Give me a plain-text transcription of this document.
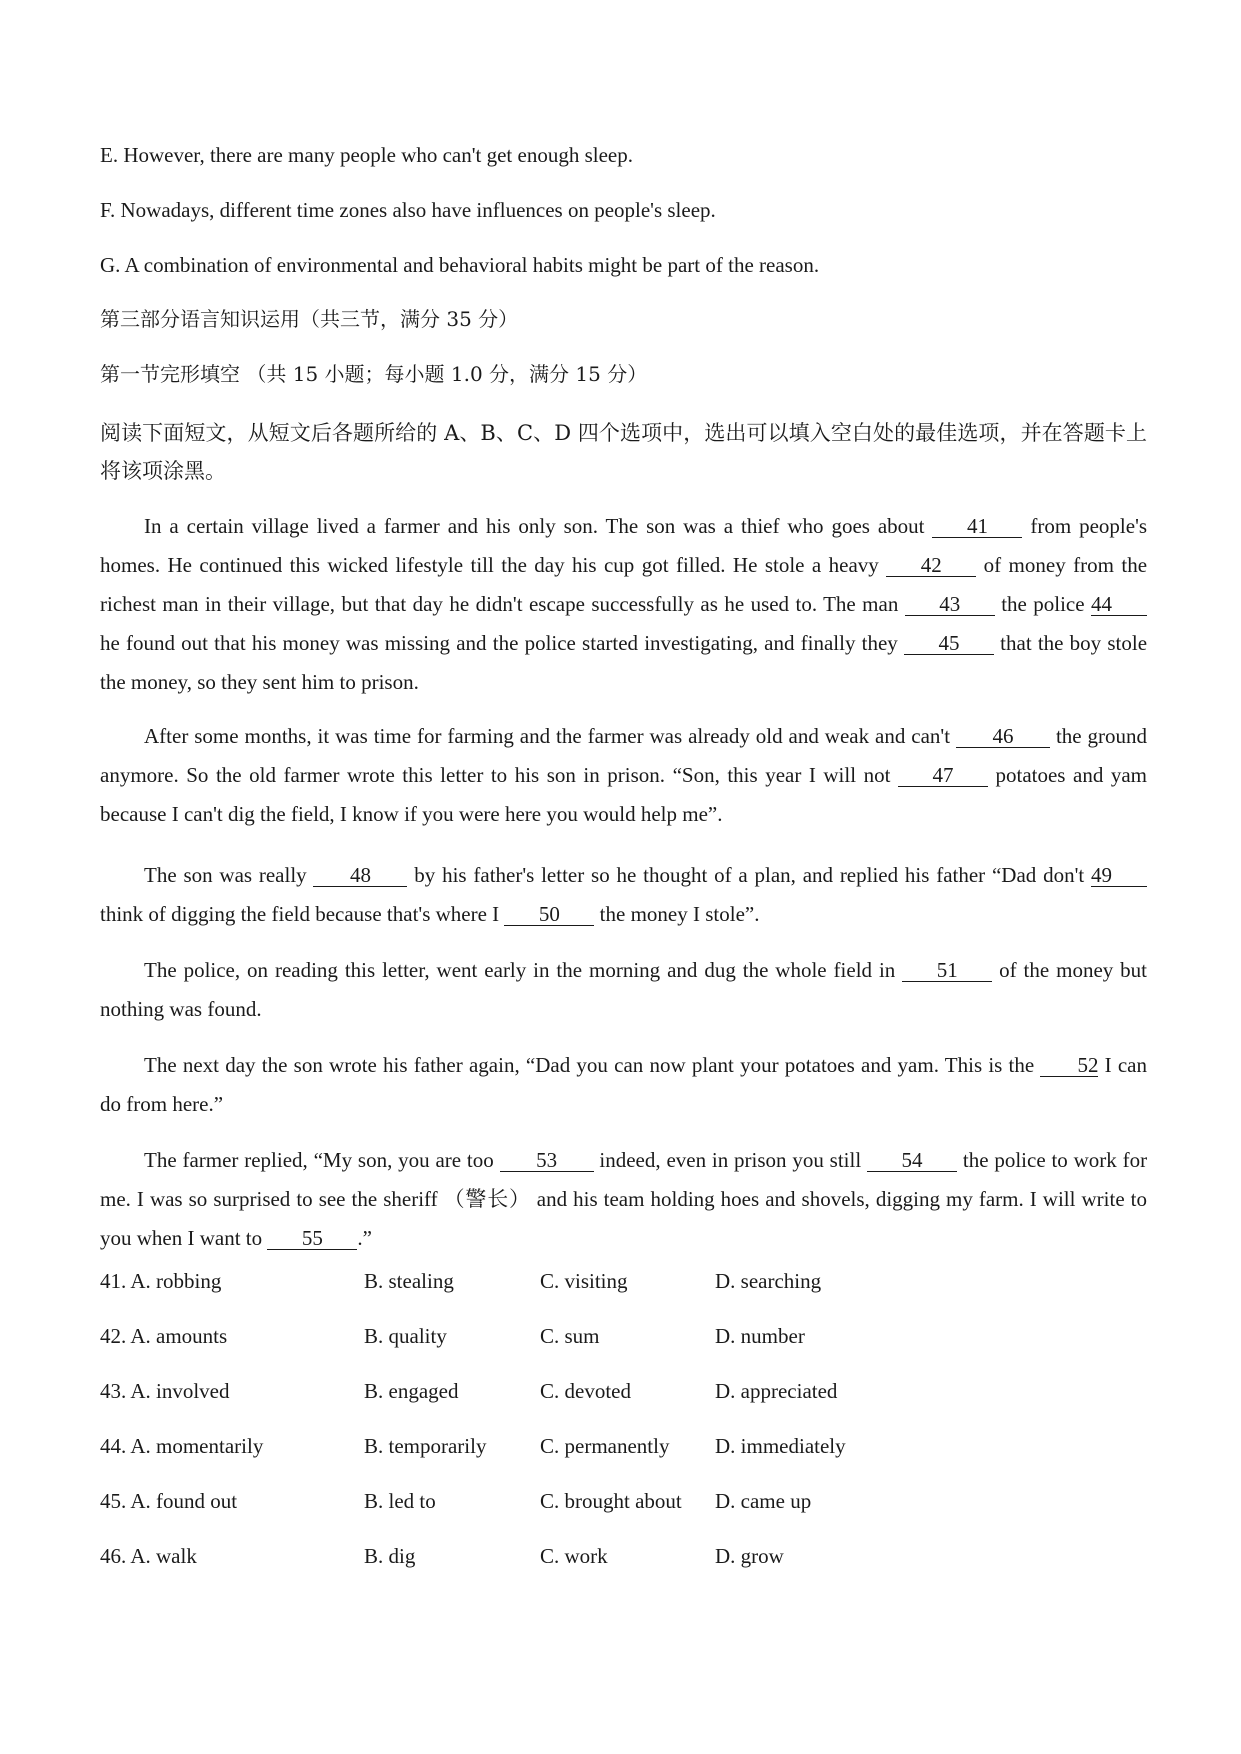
E. However, there are many people who can't get enough sleep.
F. Nowadays, different time zones also have influences on people's sleep.
G. A combination of environmental and behavioral habits might be part of the reason.
第三部分语言知识运用（共三节，满分 35 分）
第一节完形填空 （共 15 小题；每小题 1.0 分，满分 15 分）
阅读下面短文，从短文后各题所给的 A、B、C、D 四个选项中，选出可以填入空白处的最佳选项，并在答题卡上将该项涂黑。
In a certain village lived a farmer and his only son. The son was a thief who goes about 41 from people's homes. He continued this wicked lifestyle till the day his cup got filled. He stole a heavy 42 of money from the richest man in their village, but that day he didn't escape successfully as he used to. The man 43 the police 44 he found out that his money was missing and the police started investigating, and finally they 45 that the boy stole the money, so they sent him to prison.
After some months, it was time for farming and the farmer was already old and weak and can't 46 the ground anymore. So the old farmer wrote this letter to his son in prison. “Son, this year I will not 47 potatoes and yam because I can't dig the field, I know if you were here you would help me”.
The son was really 48 by his father's letter so he thought of a plan, and replied his father “Dad don't 49 think of digging the field because that's where I 50 the money I stole”.
The police, on reading this letter, went early in the morning and dug the whole field in 51 of the money but nothing was found.
The next day the son wrote his father again, “Dad you can now plant your potatoes and yam. This is the 52 I can do from here.”
The farmer replied, “My son, you are too 53 indeed, even in prison you still 54 the police to work for me. I was so surprised to see the sheriff （警长） and his team holding hoes and shovels, digging my farm. I will write to you when I want to 55 .”
41. A. robbing	B. stealing	C. visiting	D. searching
42. A. amounts	B. quality	C. sum	D. number
43. A. involved	B. engaged	C. devoted	D. appreciated
44. A. momentarily	B. temporarily	C. permanently D. immediately
45. A. found out	B. led to	C. brought about D. came up
46. A. walk	B. dig	C. work	D. grow
